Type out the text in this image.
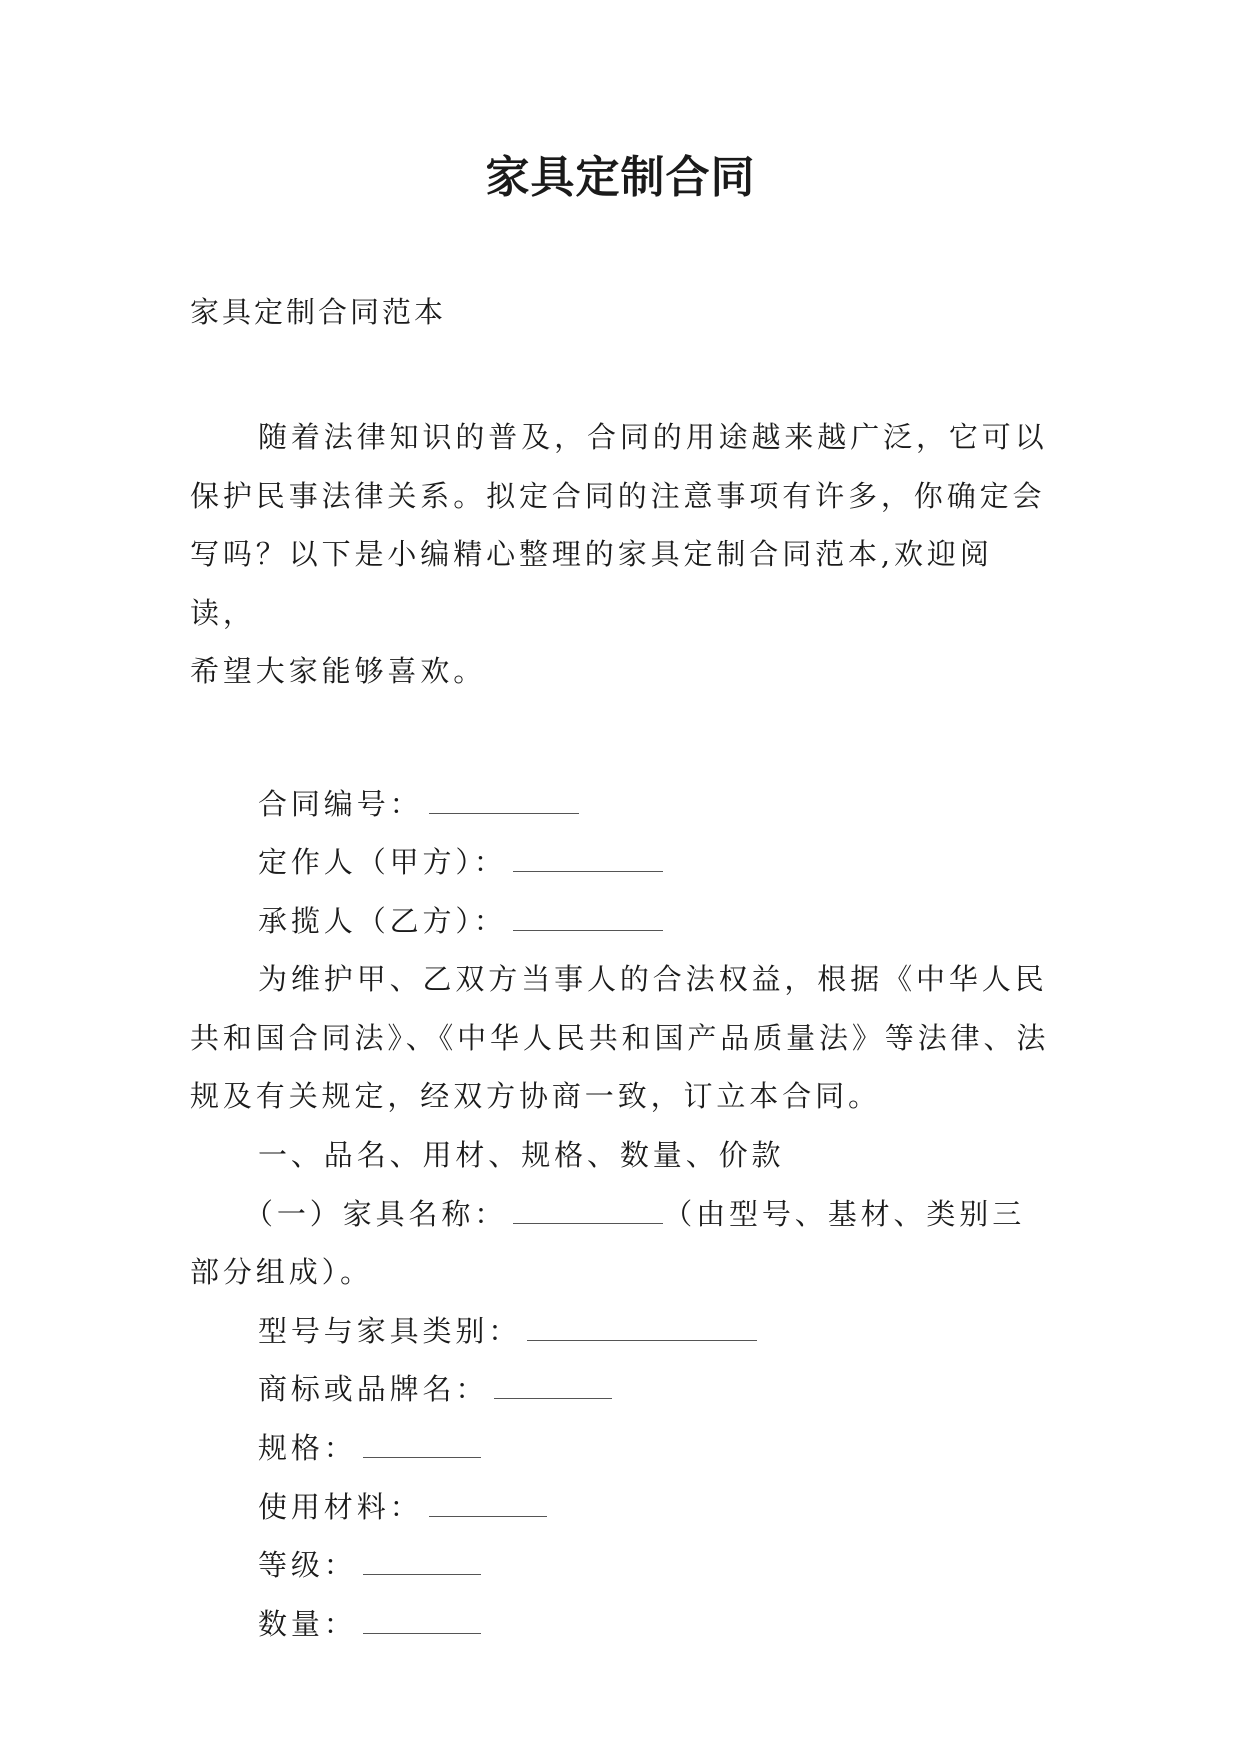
家具定制合同
家具定制合同范本

随着法律知识的普及，合同的用途越来越广泛，它可以

保护民事法律关系。拟定合同的注意事项有许多，你确定会

写吗？以下是小编精心整理的家具定制合同范本,欢迎阅读，

希望大家能够喜欢。

合同编号：

定作人（甲方）：

承揽人（乙方）：

为维护甲、乙双方当事人的合法权益，根据《中华人民

共和国合同法》、《中华人民共和国产品质量法》等法律、法

规及有关规定，经双方协商一致，订立本合同。

一、品名、用材、规格、数量、价款

（一）家具名称：	（由型号、基材、类别三

部分组成）。

型号与家具类别：

商标或品牌名：

规格：

使用材料：

等级：

数量：
